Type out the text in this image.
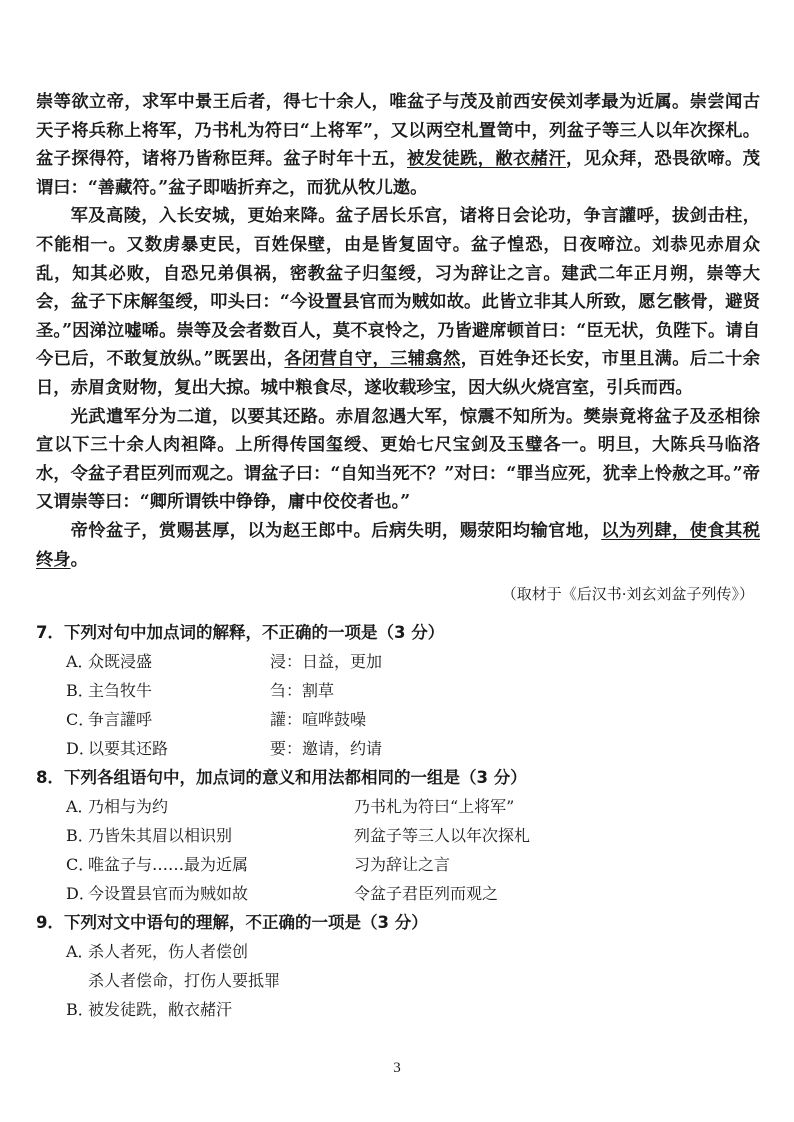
崇等欲立帝，求军中景王后者，得七十余人，唯盆子与茂及前西安侯刘孝最为近属。崇尝闻古天子将兵称上将军，乃书札为符曰“上将军”，又以两空札置笥中，列盆子等三人以年次探札。盆子探得符，诸将乃皆称臣拜。盆子时年十五，被发徒跣，敝衣赭汗，见众拜，恐畏欲啼。茂谓曰：“善藏符。”盆子即啮折弃之，而犹从牧儿遨。

军及高陵，入长安城，更始来降。盆子居长乐宫，诸将日会论功，争言讙呼，拔剑击柱，不能相一。又数虏暴吏民，百姓保壁，由是皆复固守。盆子惶恐，日夜啼泣。刘恭见赤眉众乱，知其必败，自恐兄弟俱祸，密教盆子归玺绶，习为辞让之言。建武二年正月朔，崇等大会，盆子下床解玺绶，叩头曰：“今设置县官而为贼如故。此皆立非其人所致，愿乞骸骨，避贤圣。”因涕泣嘘唏。崇等及会者数百人，莫不哀怜之，乃皆避席顿首曰：“臣无状，负陛下。请自今已后，不敢复放纵。”既罢出，各闭营自守，三辅翕然，百姓争还长安，市里且满。后二十余日，赤眉贪财物，复出大掠。城中粮食尽，遂收载珍宝，因大纵火烧宫室，引兵而西。

光武遣军分为二道，以要其还路。赤眉忽遇大军，惊震不知所为。樊崇竟将盆子及丞相徐宣以下三十余人肉袒降。上所得传国玺绶、更始七尺宝剑及玉璧各一。明旦，大陈兵马临洛水，令盆子君臣列而观之。谓盆子曰：“自知当死不？”对曰：“罪当应死，犹幸上怜赦之耳。”帝又谓崇等曰：“卿所谓铁中铮铮，庸中佼佼者也。”

帝怜盆子，赏赐甚厚，以为赵王郎中。后病失明，赐荥阳均输官地，以为列肆，使食其税终身。

（取材于《后汉书·刘玄刘盆子列传》）

7．下列对句中加点词的解释，不正确的一项是（3 分）

A．
众既浸盛	浸：日益，更加
B．
主刍牧牛	刍：割草
C．
争言讙呼	讙：喧哗鼓噪
D．
以要其还路	要：邀请，约请

8．下列各组语句中，加点词的意义和用法都相同的一组是（3 分）

A．
乃相与为约	乃书札为符曰“上将军”
B．
乃皆朱其眉以相识别	列盆子等三人以年次探札
C．
唯盆子与……最为近属	习为辞让之言
D．
今设置县官而为贼如故	令盆子君臣列而观之

9．下列对文中语句的理解，不正确的一项是（3 分）

A．
杀人者死，伤人者偿创
杀人者偿命，打伤人要抵罪
B．
被发徒跣，敝衣赭汗
3
